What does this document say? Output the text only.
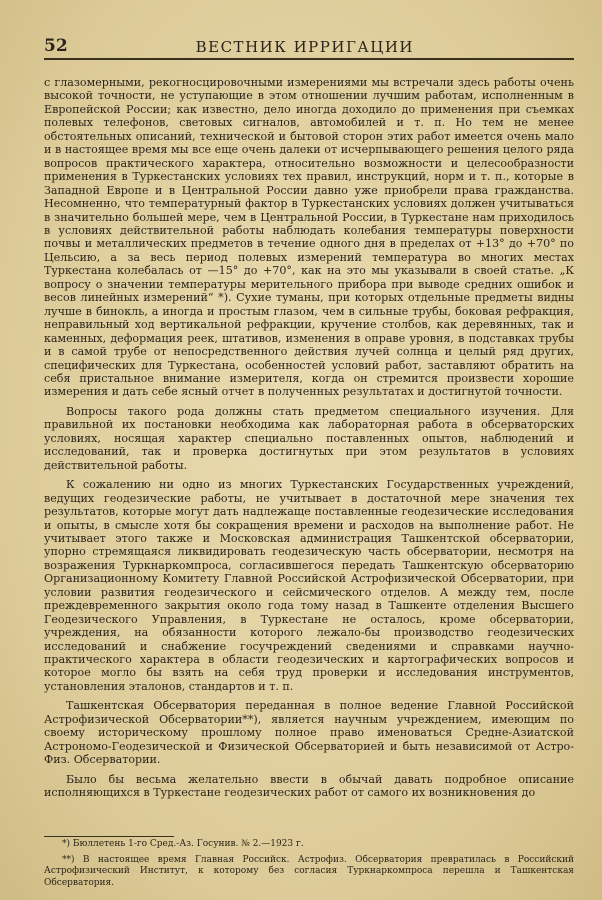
52	ВЕСТНИК ИРРИГАЦИИ

с глазомерными, рекогносцировочными измерениями мы встречали здесь работы очень высокой точности, не уступающие в этом отношении лучшим работам, исполненным в Европейской России; как известно, дело иногда доходило до применения при съемках полевых телефонов, световых сигналов, автомобилей и т. п. Но тем не менее обстоятельных описаний, технической и бытовой сторон этих работ имеется очень мало и в настоящее время мы все еще очень далеки от исчерпывающего решения целого ряда вопросов практического характера, относительно возможности и целесообразности применения в Туркестанских условиях тех правил, инструкций, норм и т. п., которые в Западной Европе и в Центральной России давно уже приобрели права гражданства. Несомненно, что температурный фактор в Туркестанских условиях должен учитываться в значительно большей мере, чем в Центральной России, в Туркестане нам приходилось в условиях действительной работы наблюдать колебания температуры поверхности почвы и металлических предметов в течение одного дня в пределах от +13° до +70° по Цельсию, а за весь период полевых измерений температура во многих местах Туркестана колебалась от —15° до +70°, как на это мы указывали в своей статье. „К вопросу о значении температуры мерительного прибора при выводе средних ошибок и весов линейных измерений“ *). Сухие туманы, при которых отдельные предметы видны лучше в бинокль, а иногда и простым глазом, чем в сильные трубы, боковая рефракция, неправильный ход вертикальной рефракции, кручение столбов, как деревянных, так и каменных, деформация реек, штативов, изменения в оправе уровня, в подставках трубы и в самой трубе от непосредственного действия лучей солнца и целый ряд других, специфических для Туркестана, особенностей условий работ, заставляют обратить на себя пристальное внимание измерителя, когда он стремится произвести хорошие измерения и дать себе ясный отчет в полученных результатах и достигнутой точности.

Вопросы такого рода должны стать предметом специального изучения. Для правильной их постановки необходима как лабораторная работа в обсерваторских условиях, носящая характер специально поставленных опытов, наблюдений и исследований, так и проверка достигнутых при этом результатов в условиях действительной работы.

К сожалению ни одно из многих Туркестанских Государственных учреждений, ведущих геодезические работы, не учитывает в достаточной мере значения тех результатов, которые могут дать надлежаще поставленные геодезические исследования и опыты, в смысле хотя бы сокращения времени и расходов на выполнение работ. Не учитывает этого также и Московская администрация Ташкентской обсерватории, упорно стремящаяся ликвидировать геодезическую часть обсерватории, несмотря на возражения Туркнаркомпроса, согласившегося передать Ташкентскую обсерваторию Организационному Комитету Главной Российской Астрофизической Обсерватории, при условии развития геодезического и сейсмического отделов. А между тем, после преждевременного закрытия около года тому назад в Ташкенте отделения Высшего Геодезического Управления, в Туркестане не осталось, кроме обсерватории, учреждения, на обязанности которого лежало-бы производство геодезических исследований и снабжение госучреждений сведениями и справками научно-практического характера в области геодезических и картографических вопросов и которое могло бы взять на себя труд проверки и исследования инструментов, установления эталонов, стандартов и т. п.

Ташкентская Обсерватория переданная в полное ведение Главной Российской Астрофизической Обсерватории**), является научным учреждением, имеющим по своему историческому прошлому полное право именоваться Средне-Азиатской Астрономо-Геодезической и Физической Обсерваторией и быть независимой от Астро-Физ. Обсерватории.

Было бы весьма желательно ввести в обычай давать подробное описание исполняющихся в Туркестане геодезических работ от самого их возникновения до

*) Бюллетень 1-го Сред.-Аз. Госунив. № 2.—1923 г.

**) В настоящее время Главная Российск. Астрофиз. Обсерватория превратилась в Российский Астрофизический Институт, к которому без согласия Туркнаркомпроса перешла и Ташкентская Обсерватория.
